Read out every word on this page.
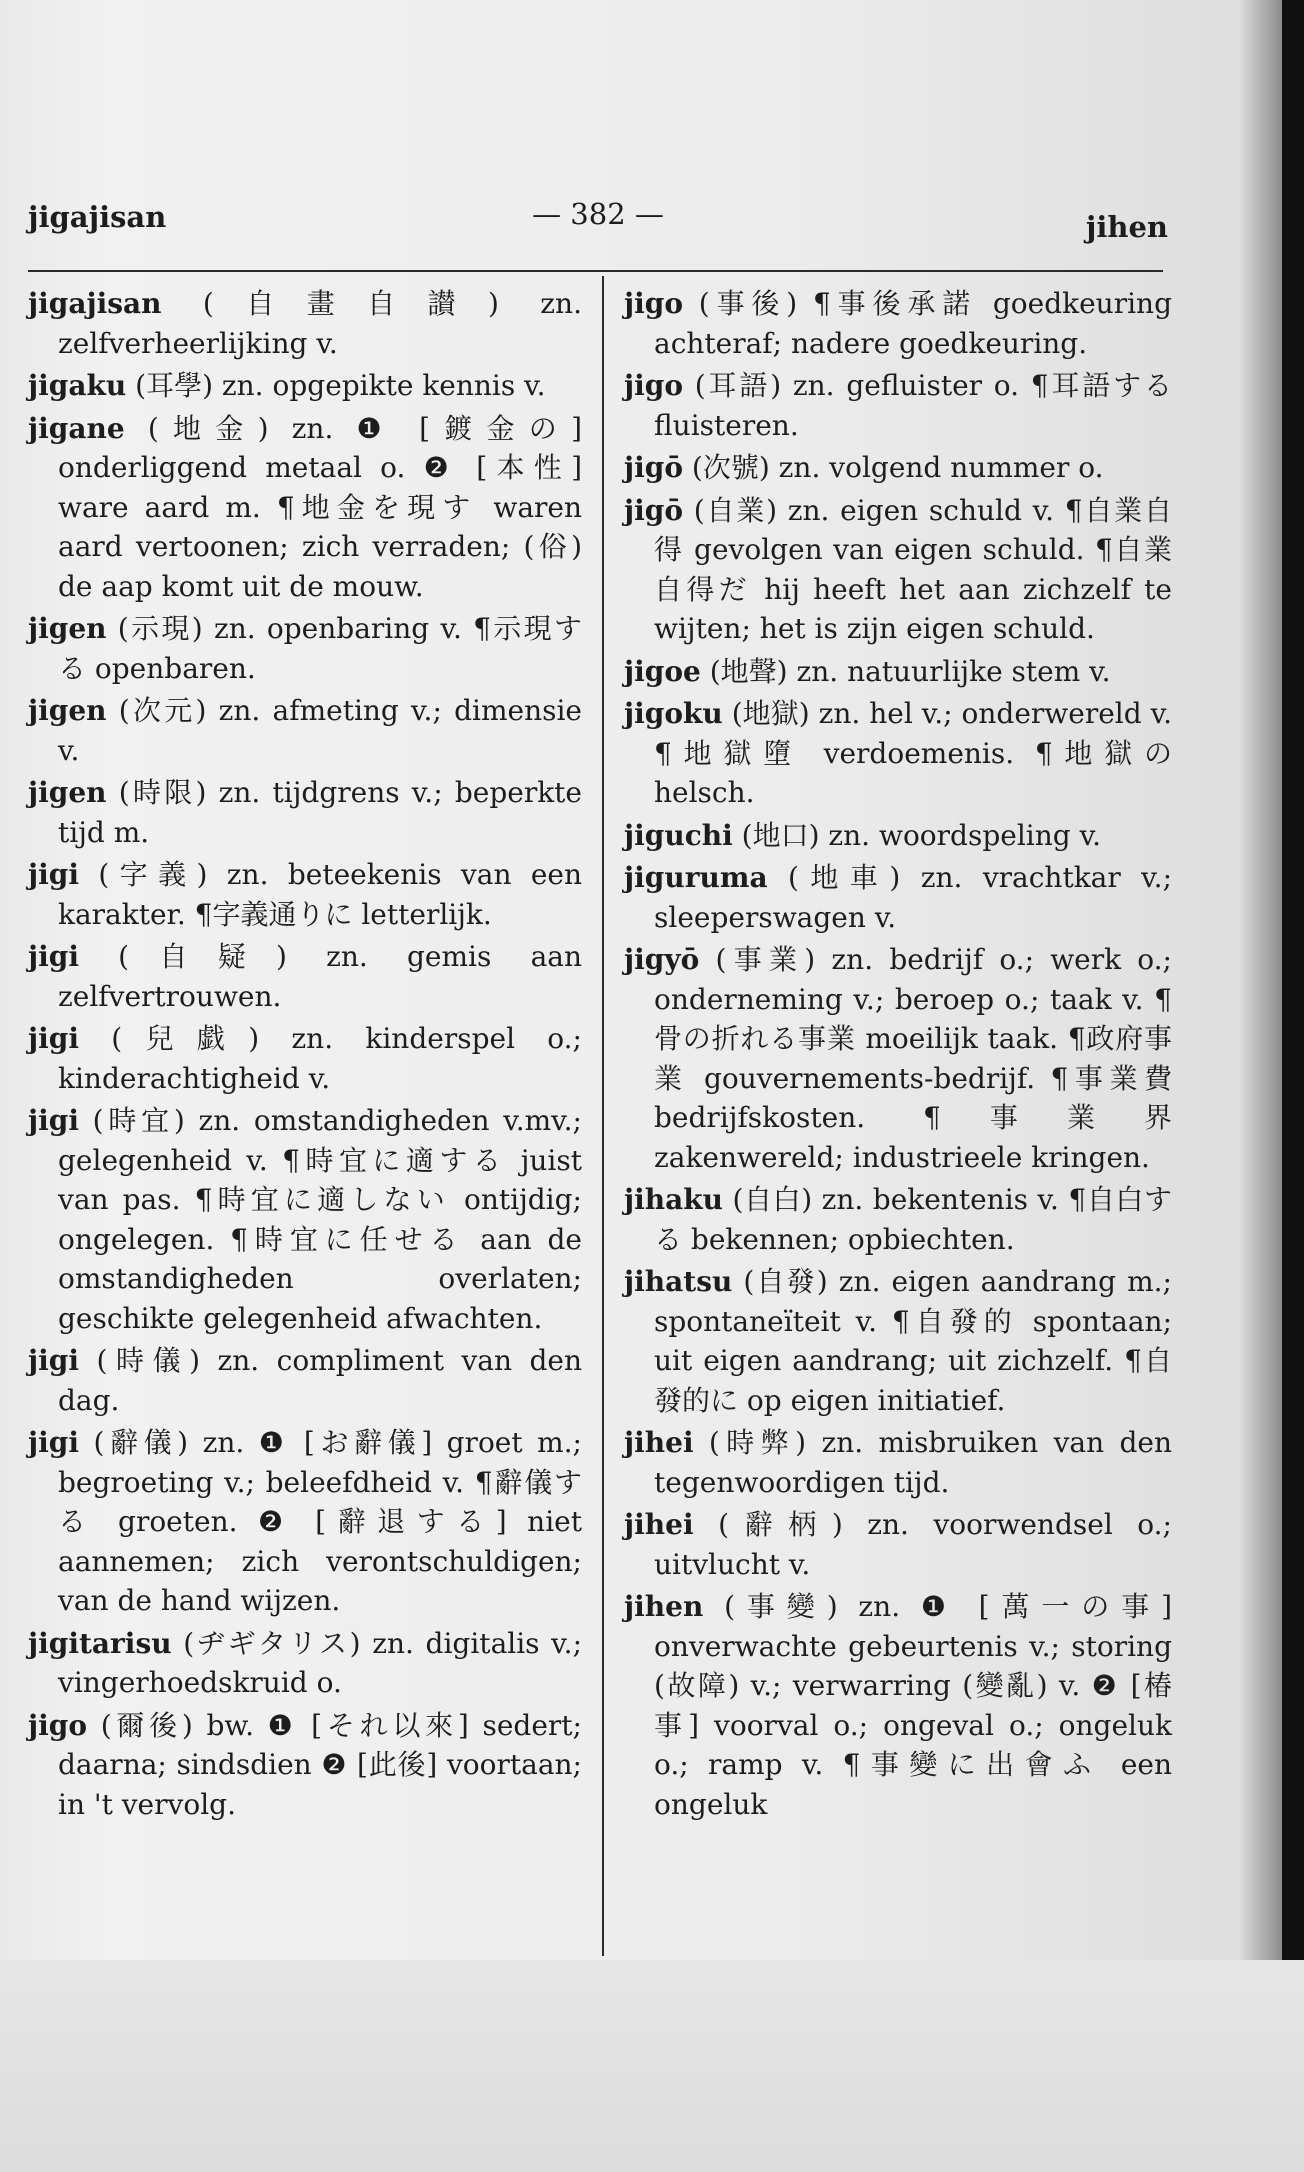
jigajisan	— 382 —	jihen

jigajisan (自畫自讃) zn. zelfverheerlijking v.

jigaku (耳學) zn. opgepikte kennis v.

jigane (地金) zn. ❶ [鍍金の] onderliggend metaal o. ❷ [本性] ware aard m. ¶地金を現す waren aard vertoonen; zich verraden; (俗) de aap komt uit de mouw.

jigen (示現) zn. openbaring v. ¶示現する openbaren.

jigen (次元) zn. afmeting v.; dimensie v.

jigen (時限) zn. tijdgrens v.; beperkte tijd m.

jigi (字義) zn. beteekenis van een karakter. ¶字義通りに letterlijk.

jigi (自疑) zn. gemis aan zelfvertrouwen.

jigi (兒戯) zn. kinderspel o.; kinderachtigheid v.

jigi (時宜) zn. omstandigheden v.mv.; gelegenheid v. ¶時宜に適する juist van pas. ¶時宜に適しない ontijdig; ongelegen. ¶時宜に任せる aan de omstandigheden overlaten; geschikte gelegenheid afwachten.

jigi (時儀) zn. compliment van den dag.

jigi (辭儀) zn. ❶ [お辭儀] groet m.; begroeting v.; beleefdheid v. ¶辭儀する groeten. ❷ [辭退する] niet aannemen; zich verontschuldigen; van de hand wijzen.

jigitarisu (ヂギタリス) zn. digitalis v.; vingerhoedskruid o.

jigo (爾後) bw. ❶ [それ以來] sedert; daarna; sindsdien ❷ [此後] voortaan; in 't vervolg.

jigo (事後) ¶事後承諾 goedkeuring achteraf; nadere goedkeuring.

jigo (耳語) zn. gefluister o. ¶耳語する fluisteren.

jigō (次號) zn. volgend nummer o.

jigō (自業) zn. eigen schuld v. ¶自業自得 gevolgen van eigen schuld. ¶自業自得だ hij heeft het aan zichzelf te wijten; het is zijn eigen schuld.

jigoe (地聲) zn. natuurlijke stem v.

jigoku (地獄) zn. hel v.; onderwereld v. ¶地獄墮 verdoemenis. ¶地獄の helsch.

jiguchi (地口) zn. woordspeling v.

jiguruma (地車) zn. vrachtkar v.; sleeperswagen v.

jigyō (事業) zn. bedrijf o.; werk o.; onderneming v.; beroep o.; taak v. ¶骨の折れる事業 moeilijk taak. ¶政府事業 gouvernements-bedrijf. ¶事業費 bedrijfskosten. ¶事業界 zakenwereld; industrieele kringen.

jihaku (自白) zn. bekentenis v. ¶自白する bekennen; opbiechten.

jihatsu (自發) zn. eigen aandrang m.; spontaneïteit v. ¶自發的 spontaan; uit eigen aandrang; uit zichzelf. ¶自發的に op eigen initiatief.

jihei (時弊) zn. misbruiken van den tegenwoordigen tijd.

jihei (辭柄) zn. voorwendsel o.; uitvlucht v.

jihen (事變) zn. ❶ [萬一の事] onverwachte gebeurtenis v.; storing (故障) v.; verwarring (變亂) v. ❷ [椿事] voorval o.; ongeval o.; ongeluk o.; ramp v. ¶事變に出會ふ een ongeluk
